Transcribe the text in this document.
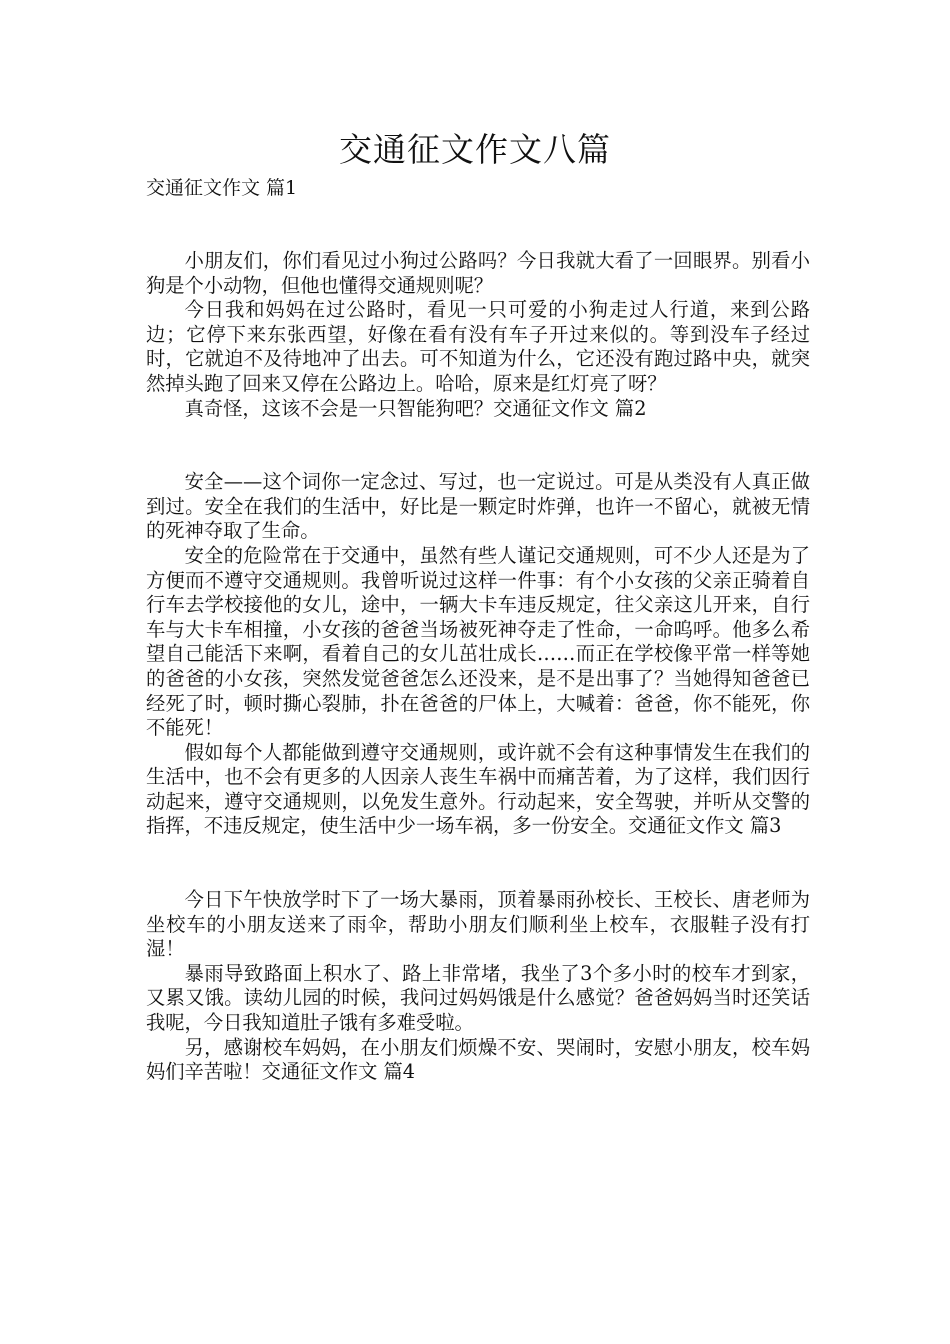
交通征文作文八篇
交通征文作文 篇1

小朋友们，你们看见过小狗过公路吗？今日我就大看了一回眼界。别看小狗是个小动物，但他也懂得交通规则呢？

今日我和妈妈在过公路时，看见一只可爱的小狗走过人行道，来到公路边；它停下来东张西望，好像在看有没有车子开过来似的。等到没车子经过时，它就迫不及待地冲了出去。可不知道为什么，它还没有跑过路中央，就突然掉头跑了回来又停在公路边上。哈哈，原来是红灯亮了呀？

真奇怪，这该不会是一只智能狗吧？交通征文作文 篇2

安全——这个词你一定念过、写过，也一定说过。可是从类没有人真正做到过。安全在我们的生活中，好比是一颗定时炸弹，也许一不留心，就被无情的死神夺取了生命。

安全的危险常在于交通中，虽然有些人谨记交通规则，可不少人还是为了方便而不遵守交通规则。我曾听说过这样一件事：有个小女孩的父亲正骑着自行车去学校接他的女儿，途中，一辆大卡车违反规定，往父亲这儿开来，自行车与大卡车相撞，小女孩的爸爸当场被死神夺走了性命，一命呜呼。他多么希望自己能活下来啊，看着自己的女儿茁壮成长……而正在学校像平常一样等她的爸爸的小女孩，突然发觉爸爸怎么还没来，是不是出事了？当她得知爸爸已经死了时，顿时撕心裂肺，扑在爸爸的尸体上，大喊着：爸爸，你不能死，你不能死！

假如每个人都能做到遵守交通规则，或许就不会有这种事情发生在我们的生活中，也不会有更多的人因亲人丧生车祸中而痛苦着，为了这样，我们因行动起来，遵守交通规则，以免发生意外。行动起来，安全驾驶，并听从交警的指挥，不违反规定，使生活中少一场车祸，多一份安全。交通征文作文 篇3

今日下午快放学时下了一场大暴雨，顶着暴雨孙校长、王校长、唐老师为坐校车的小朋友送来了雨伞，帮助小朋友们顺利坐上校车，衣服鞋子没有打湿！

暴雨导致路面上积水了、路上非常堵，我坐了3个多小时的校车才到家，又累又饿。读幼儿园的时候，我问过妈妈饿是什么感觉？爸爸妈妈当时还笑话我呢，今日我知道肚子饿有多难受啦。

另，感谢校车妈妈，在小朋友们烦燥不安、哭闹时，安慰小朋友，校车妈妈们辛苦啦！交通征文作文 篇4
